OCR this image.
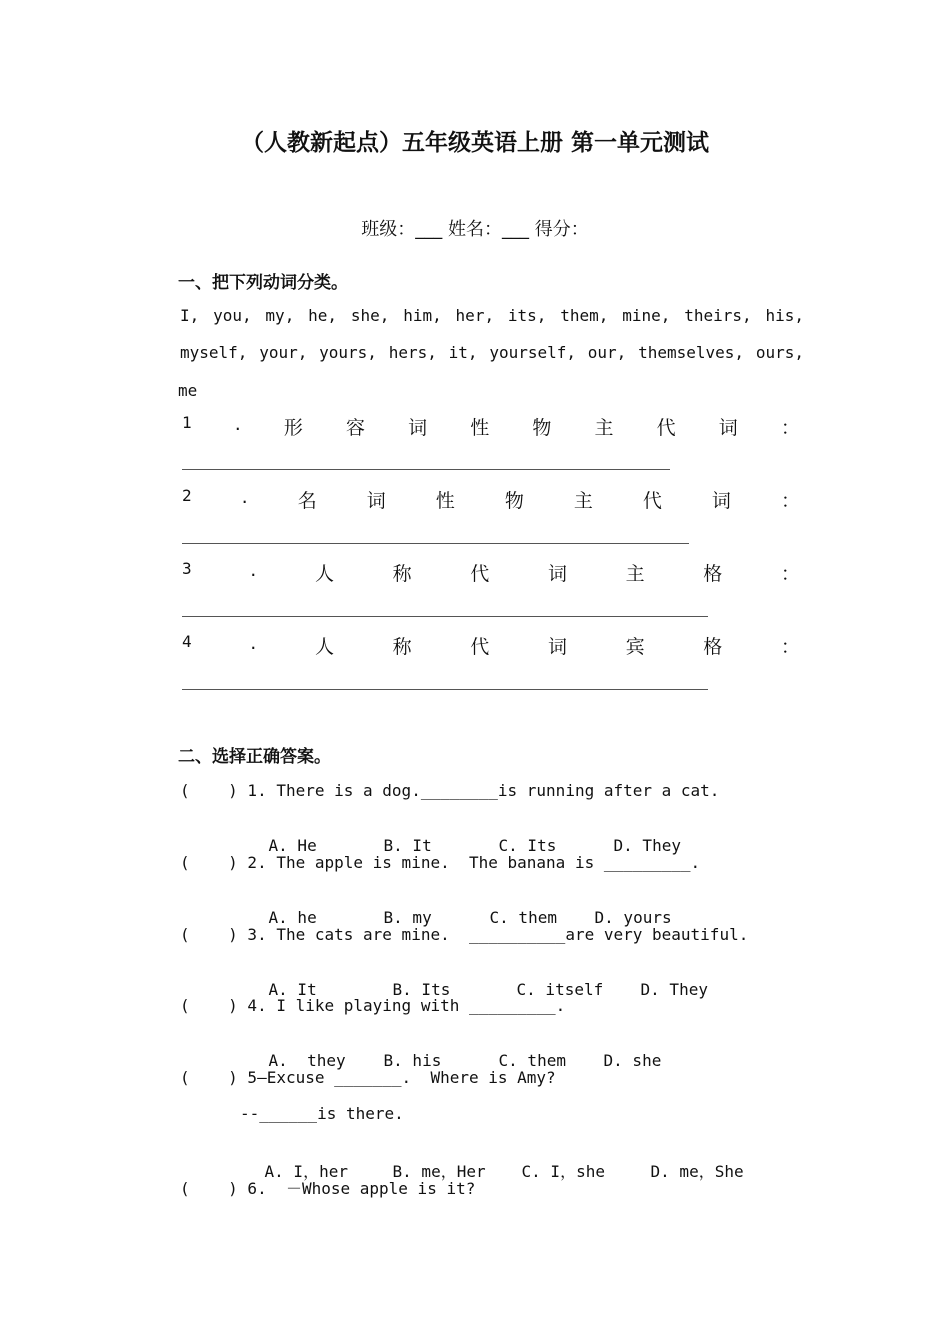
（人教新起点）五年级英语上册 第一单元测试
班级：___ 姓名：___ 得分：
一、把下列动词分类。
I, you, my, he, she, him, her, its, them, mine, theirs, his,
myself, your, yours, hers, it, yourself, our, themselves, ours,
me
1 . 形 容 词 性 物 主 代 词 ：
2	.	名	词	性	物	主	代	词	：
3	.	人	称	代	词	主	格	：
4	.	人	称	代	词	宾	格	：
二、选择正确答案。
(    ) 1. There is a dog.________is running after a cat.

A. He	B. It	C. Its	D. They

(    ) 2. The apple is mine.  The banana is _________.

A. he	B. my	C. them D. yours

(    ) 3. The cats are mine.  __________are very beautiful.

A. It	B. Its	C. itself D. They

(    ) 4. I like playing with _________.

A.  they B. his	C. them D. she

(    ) 5—Excuse _______.  Where is Amy?
--______is there.

A. I，her	B. me，Her C. I，she	D. me，She

(    ) 6.  －Whose apple is it?
